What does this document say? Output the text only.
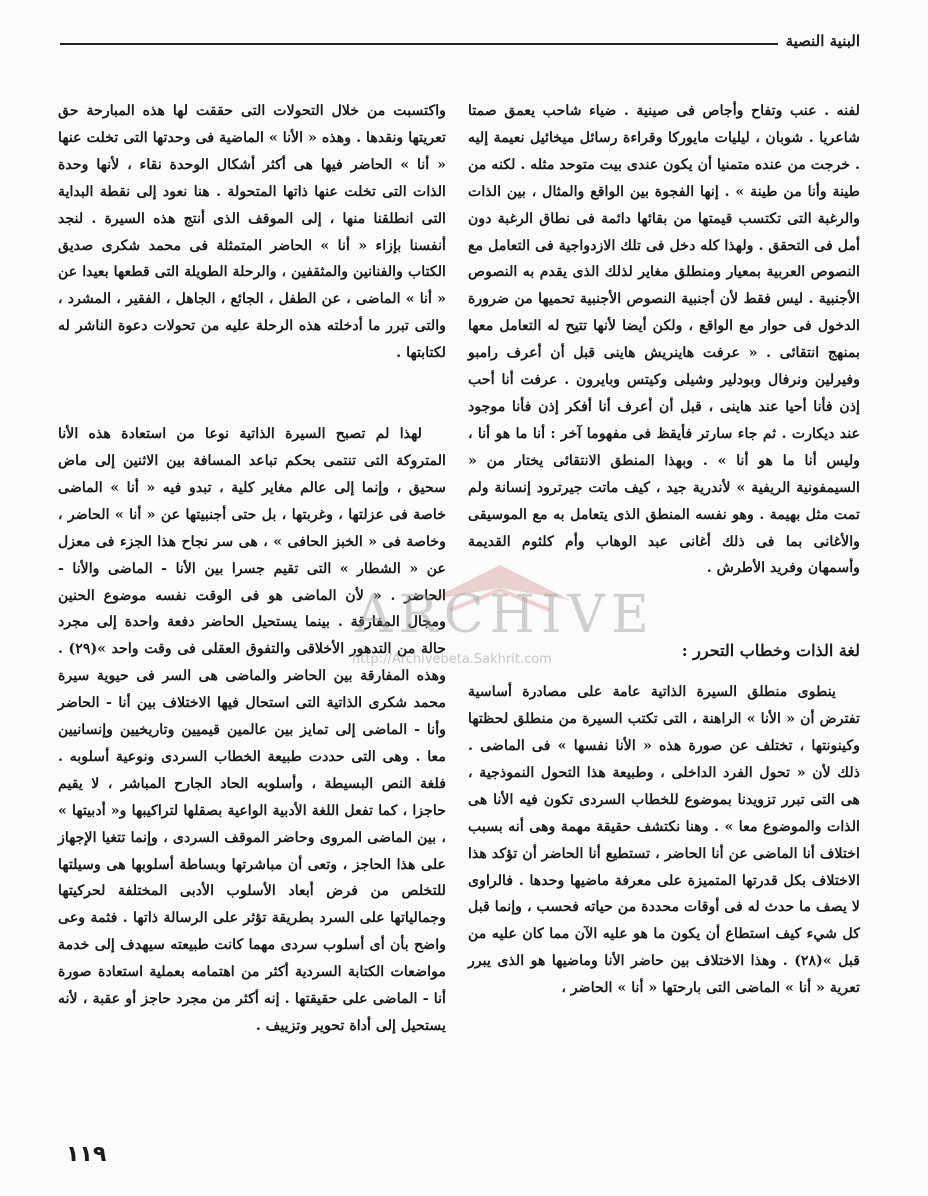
البنية النصية

لفنه . عنب وتفاح وأجاص فى صينية . ضياء شاحب يعمق صمتا شاعريا . شوبان ، ليليات مايوركا وقراءة رسائل ميخائيل نعيمة إليه . خرجت من عنده متمنيا أن يكون عندى بيت متوحد مثله . لكنه من طينة وأنا من طينة » . إنها الفجوة بين الواقع والمثال ، بين الذات والرغبة التى تكتسب قيمتها من بقائها دائمة فى نطاق الرغبة دون أمل فى التحقق . ولهذا كله دخل فى تلك الازدواجية فى التعامل مع النصوص العربية بمعيار ومنطلق مغاير لذلك الذى يقدم به النصوص الأجنبية . ليس فقط لأن أجنبية النصوص الأجنبية تحميها من ضرورة الدخول فى حوار مع الواقع ، ولكن أيضا لأنها تتيح له التعامل معها بمنهج انتقائى . « عرفت هاينريش هاينى قبل أن أعرف رامبو وفيرلين ونرفال وبودلير وشيلى وكيتس وبايرون . عرفت أنا أحب إذن فأنا أحيا عند هاينى ، قبل أن أعرف أنا أفكر إذن فأنا موجود عند ديكارت . ثم جاء سارتر فأيقظ فى مفهوما آخر : أنا ما هو أنا ، وليس أنا ما هو أنا » . وبهذا المنطق الانتقائى يختار من « السيمفونية الريفية » لأندرية جيد ، كيف ماتت جيرترود إنسانة ولم تمت مثل بهيمة . وهو نفسه المنطق الذى يتعامل به مع الموسيقى والأغانى بما فى ذلك أغانى عبد الوهاب وأم كلثوم القديمة وأسمهان وفريد الأطرش .

لغة الذات وخطاب التحرر :

ينطوى منطلق السيرة الذاتية عامة على مصادرة أساسية تفترض أن « الأنا » الراهنة ، التى تكتب السيرة من منطلق لحظتها وكينونتها ، تختلف عن صورة هذه « الأنا نفسها » فى الماضى . ذلك لأن « تحول الفرد الداخلى ، وطبيعة هذا التحول النموذجية ، هى التى تبرر تزويدنا بموضوع للخطاب السردى تكون فيه الأنا هى الذات والموضوع معا » . وهنا نكتشف حقيقة مهمة وهى أنه بسبب اختلاف أنا الماضى عن أنا الحاضر ، تستطيع أنا الحاضر أن تؤكد هذا الاختلاف بكل قدرتها المتميزة على معرفة ماضيها وحدها . فالراوى لا يصف ما حدث له فى أوقات محددة من حياته فحسب ، وإنما قبل كل شيء كيف استطاع أن يكون ما هو عليه الآن مما كان عليه من قبل »(٢٨) . وهذا الاختلاف بين حاضر الأنا وماضيها هو الذى يبرر تعرية « أنا » الماضى التى بارحتها « أنا » الحاضر ،

واكتسبت من خلال التحولات التى حققت لها هذه المبارحة حق تعريتها ونقدها . وهذه « الأنا » الماضية فى وحدتها التى تخلت عنها « أنا » الحاضر فيها هى أكثر أشكال الوحدة نقاء ، لأنها وحدة الذات التى تخلت عنها ذاتها المتحولة . هنا نعود إلى نقطة البداية التى انطلقنا منها ، إلى الموقف الذى أنتج هذه السيرة . لنجد أنفسنا بإزاء « أنا » الحاضر المتمثلة فى محمد شكرى صديق الكتاب والفنانين والمثقفين ، والرحلة الطويلة التى قطعها بعيدا عن « أنا » الماضى ، عن الطفل ، الجائع ، الجاهل ، الفقير ، المشرد ، والتى تبرر ما أدخلته هذه الرحلة عليه من تحولات دعوة الناشر له لكتابتها .

لهذا لم تصبح السيرة الذاتية نوعا من استعادة هذه الأنا المتروكة التى تنتمى بحكم تباعد المسافة بين الاثنين إلى ماض سحيق ، وإنما إلى عالم مغاير كلية ، تبدو فيه « أنا » الماضى خاصة فى عزلتها ، وغربتها ، بل حتى أجنبيتها عن « أنا » الحاضر ، وخاصة فى « الخبز الحافى » ، هى سر نجاح هذا الجزء فى معزل عن « الشطار » التى تقيم جسرا بين الأنا - الماضى والأنا - الحاضر . « لأن الماضى هو فى الوقت نفسه موضوع الحنين ومجال المفارقة . بينما يستحيل الحاضر دفعة واحدة إلى مجرد حالة من التدهور الأخلاقى والتفوق العقلى فى وقت واحد »(٢٩) . وهذه المفارقة بين الحاضر والماضى هى السر فى حيوية سيرة محمد شكرى الذاتية التى استحال فيها الاختلاف بين أنا - الحاضر وأنا - الماضى إلى تمايز بين عالمين قيميين وتاريخيين وإنسانيين معا . وهى التى حددت طبيعة الخطاب السردى ونوعية أسلوبه . فلغة النص البسيطة ، وأسلوبه الحاد الجارح المباشر ، لا يقيم حاجزا ، كما تفعل اللغة الأدبية الواعية بصقلها لتراكيبها و« أدبيتها » ، بين الماضى المروى وحاضر الموقف السردى ، وإنما تتغيا الإجهاز على هذا الحاجز ، وتعى أن مباشرتها وبساطة أسلوبها هى وسيلتها للتخلص من فرض أبعاد الأسلوب الأدبى المختلفة لحركيتها وجمالياتها على السرد بطريقة تؤثر على الرسالة ذاتها . فثمة وعى واضح بأن أى أسلوب سردى مهما كانت طبيعته سيهدف إلى خدمة مواضعات الكتابة السردية أكثر من اهتمامه بعملية استعادة صورة أنا - الماضى على حقيقتها . إنه أكثر من مجرد حاجز أو عقبة ، لأنه يستحيل إلى أداة تحوير وتزييف .

ARCHIVE
http://Archivebeta.Sakhrit.com
١١٩
